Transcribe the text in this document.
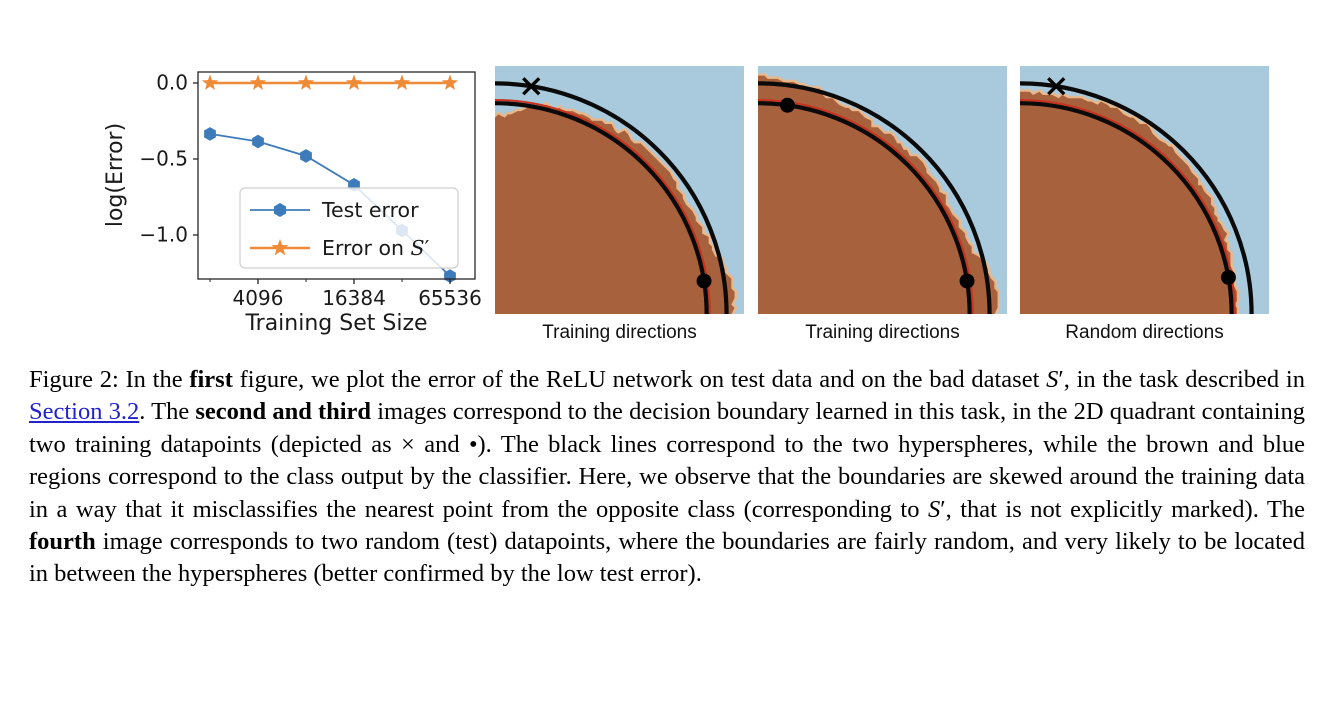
4096 16384 65536
0.0
−0.5
−1.0
Training Set Size
log(Error)	Test error
Error on S′
Training directions	Training directions	Random directions
Figure 2: In the first figure, we plot the error of the ReLU network on test data and on the bad dataset S′, in the task described in Section 3.2. The second and third images correspond to the decision boundary learned in this task, in the 2D quadrant containing two training datapoints (depicted as × and •). The black lines correspond to the two hyperspheres, while the brown and blue regions correspond to the class output by the classifier. Here, we observe that the boundaries are skewed around the training data in a way that it misclassifies the nearest point from the opposite class (corresponding to S′, that is not explicitly marked). The fourth image corresponds to two random (test) datapoints, where the boundaries are fairly random, and very likely to be located in between the hyperspheres (better confirmed by the low test error).
